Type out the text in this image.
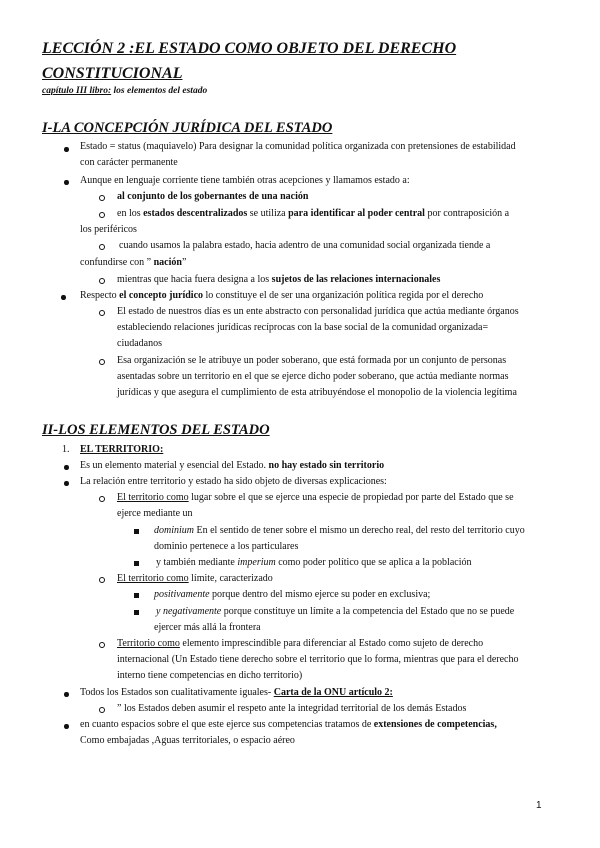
LECCIÓN 2 :EL ESTADO COMO OBJETO DEL DERECHO CONSTITUCIONAL

capítulo III libro: los elementos del estado

I-LA CONCEPCIÓN JURÍDICA DEL ESTADO
Estado = status (maquiavelo) Para designar la comunidad política organizada con pretensiones de estabilidad
con carácter permanente
Aunque en lenguaje corriente tiene también otras acepciones y llamamos estado a:
al conjunto de los gobernantes de una nación
en los estados descentralizados se utiliza para identificar al poder central por contraposición a
los periféricos
cuando usamos la palabra estado, hacia adentro de una comunidad social organizada tiende a
confundirse con ” nación”
mientras que hacia fuera designa a los sujetos de las relaciones internacionales
Respecto el concepto jurídico lo constituye el de ser una organización política regida por el derecho
El estado de nuestros días es un ente abstracto con personalidad jurídica que actúa mediante órganos
estableciendo relaciones jurídicas recíprocas con la base social de la comunidad organizada=
ciudadanos
Esa organización se le atribuye un poder soberano, que está formada por un conjunto de personas
asentadas sobre un territorio en el que se ejerce dicho poder soberano, que actúa mediante normas
jurídicas y que asegura el cumplimiento de esta atribuyéndose el monopolio de la violencia legítima
II-LOS ELEMENTOS DEL ESTADO
1. EL TERRITORIO:
Es un elemento material y esencial del Estado. no hay estado sin territorio
La relación entre territorio y estado ha sido objeto de diversas explicaciones:
El territorio como lugar sobre el que se ejerce una especie de propiedad por parte del Estado que se
ejerce mediante un
dominium En el sentido de tener sobre el mismo un derecho real, del resto del territorio cuyo
dominio pertenece a los particulares
y también mediante imperium como poder político que se aplica a la población
El territorio como límite, caracterizado
positivamente porque dentro del mismo ejerce su poder en exclusiva;
y negativamente porque constituye un límite a la competencia del Estado que no se puede
ejercer más allá la frontera
Territorio como elemento imprescindible para diferenciar al Estado como sujeto de derecho
internacional (Un Estado tiene derecho sobre el territorio que lo forma, mientras que para el derecho
interno tiene competencias en dicho territorio)
Todos los Estados son cualitativamente iguales- Carta de la ONU artículo 2:
” los Estados deben asumir el respeto ante la integridad territorial de los demás Estados
en cuanto espacios sobre el que este ejerce sus competencias tratamos de extensiones de competencias,
Como embajadas ,Aguas territoriales, o espacio aéreo
1
